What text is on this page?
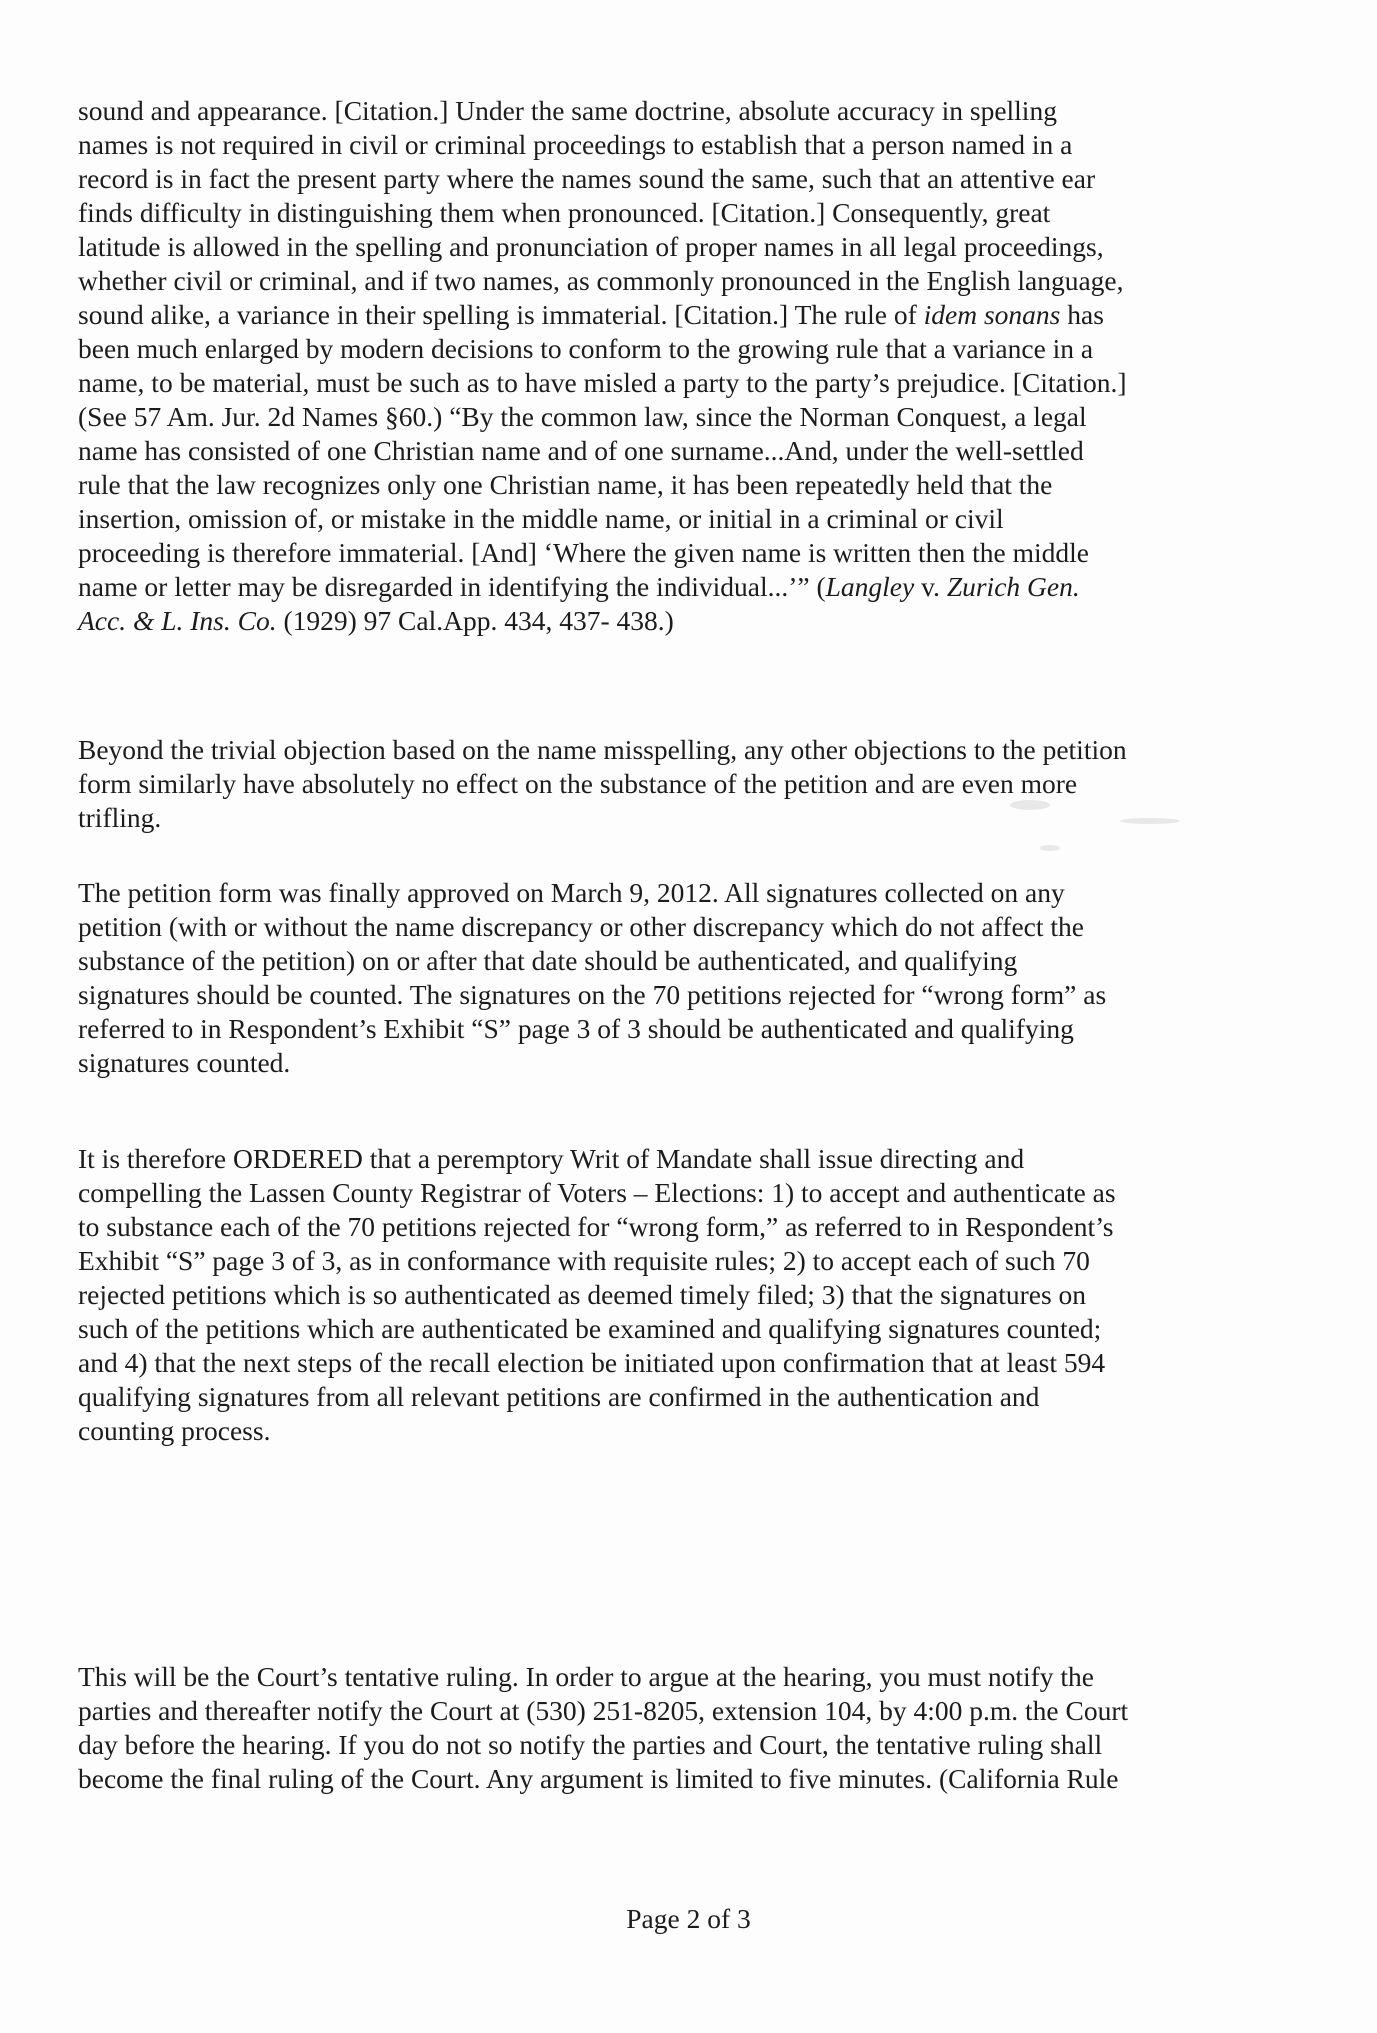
sound and appearance. [Citation.] Under the same doctrine, absolute accuracy in spelling
names is not required in civil or criminal proceedings to establish that a person named in a
record is in fact the present party where the names sound the same, such that an attentive ear
finds difficulty in distinguishing them when pronounced. [Citation.] Consequently, great
latitude is allowed in the spelling and pronunciation of proper names in all legal proceedings,
whether civil or criminal, and if two names, as commonly pronounced in the English language,
sound alike, a variance in their spelling is immaterial. [Citation.] The rule of idem sonans has
been much enlarged by modern decisions to conform to the growing rule that a variance in a
name, to be material, must be such as to have misled a party to the party’s prejudice. [Citation.]
(See 57 Am. Jur. 2d Names §60.) “By the common law, since the Norman Conquest, a legal
name has consisted of one Christian name and of one surname...And, under the well-settled
rule that the law recognizes only one Christian name, it has been repeatedly held that the
insertion, omission of, or mistake in the middle name, or initial in a criminal or civil
proceeding is therefore immaterial. [And] ‘Where the given name is written then the middle
name or letter may be disregarded in identifying the individual...’” (Langley v. Zurich Gen.
Acc. & L. Ins. Co. (1929) 97 Cal.App. 434, 437- 438.)
Beyond the trivial objection based on the name misspelling, any other objections to the petition
form similarly have absolutely no effect on the substance of the petition and are even more
trifling.
The petition form was finally approved on March 9, 2012. All signatures collected on any
petition (with or without the name discrepancy or other discrepancy which do not affect the
substance of the petition) on or after that date should be authenticated, and qualifying
signatures should be counted. The signatures on the 70 petitions rejected for “wrong form” as
referred to in Respondent’s Exhibit “S” page 3 of 3 should be authenticated and qualifying
signatures counted.
It is therefore ORDERED that a peremptory Writ of Mandate shall issue directing and
compelling the Lassen County Registrar of Voters – Elections: 1) to accept and authenticate as
to substance each of the 70 petitions rejected for “wrong form,” as referred to in Respondent’s
Exhibit “S” page 3 of 3, as in conformance with requisite rules; 2) to accept each of such 70
rejected petitions which is so authenticated as deemed timely filed; 3) that the signatures on
such of the petitions which are authenticated be examined and qualifying signatures counted;
and 4) that the next steps of the recall election be initiated upon confirmation that at least 594
qualifying signatures from all relevant petitions are confirmed in the authentication and
counting process.
This will be the Court’s tentative ruling. In order to argue at the hearing, you must notify the
parties and thereafter notify the Court at (530) 251-8205, extension 104, by 4:00 p.m. the Court
day before the hearing. If you do not so notify the parties and Court, the tentative ruling shall
become the final ruling of the Court. Any argument is limited to five minutes. (California Rule
Page 2 of 3
